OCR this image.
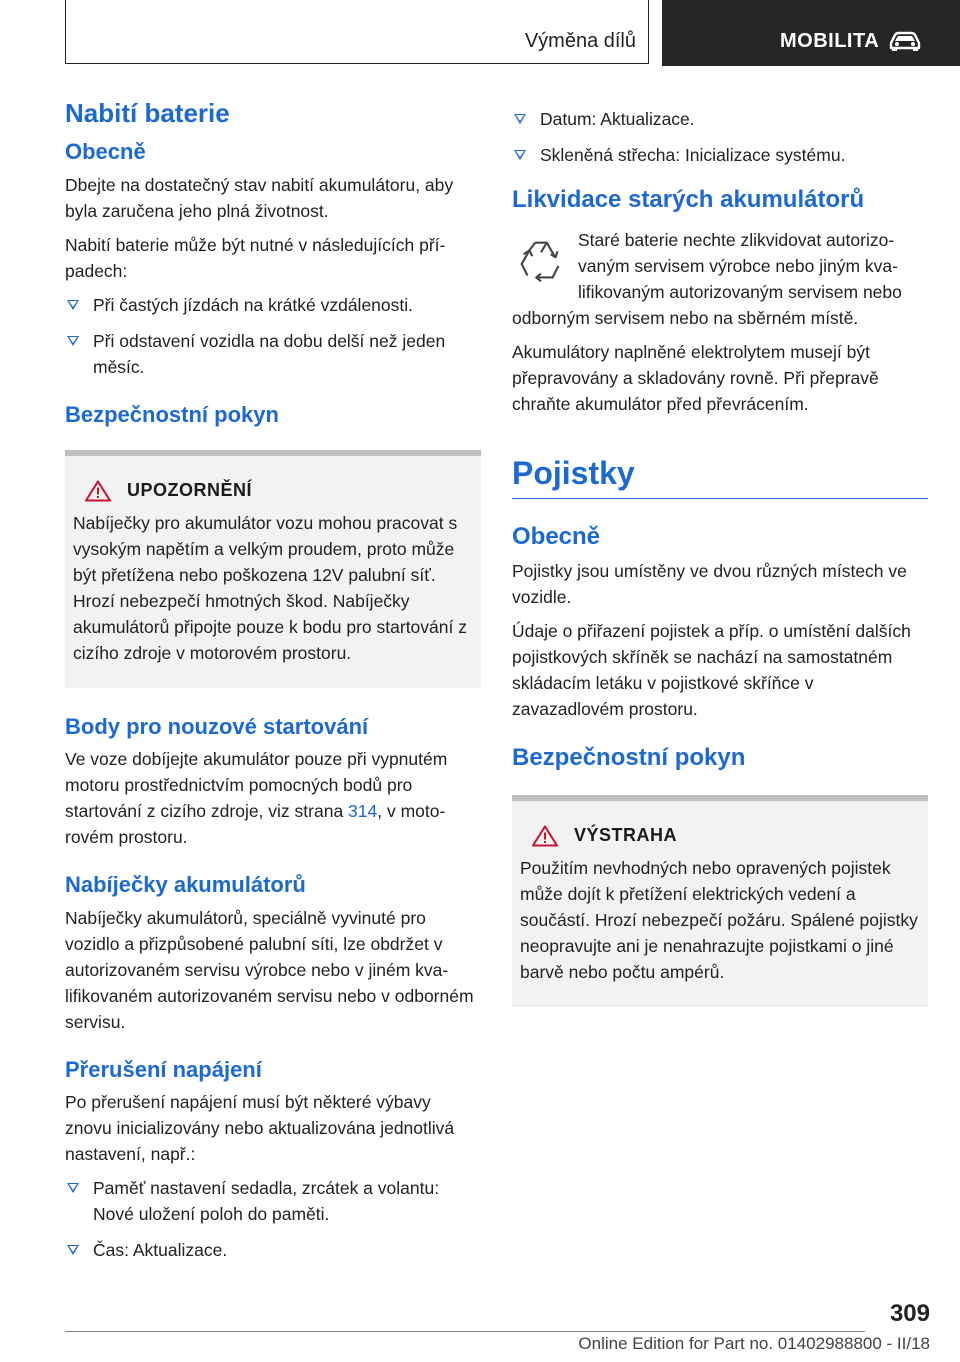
Výměna dílů	MOBILITA
Nabití baterie
Obecně

Dbejte na dostatečný stav nabití akumulátoru, aby byla zaručena jeho plná životnost.

Nabití baterie může být nutné v následujících případech:

Při častých jízdách na krátké vzdálenosti.
Při odstavení vozidla na dobu delší než jeden měsíc.
Bezpečnostní pokyn
UPOZORNĚNÍ

Nabíječky pro akumulátor vozu mohou pracovat s vysokým napětím a velkým proudem, proto může být přetížena nebo poškozena 12V palubní síť. Hrozí nebezpečí hmotných škod. Nabíječky akumulátorů připojte pouze k bodu pro startování z cizího zdroje v motorovém prostoru.

Body pro nouzové startování

Ve voze dobíjejte akumulátor pouze při vypnutém motoru prostřednictvím pomocných bodů pro startování z cizího zdroje, viz strana 314, v motorovém prostoru.

Nabíječky akumulátorů

Nabíječky akumulátorů, speciálně vyvinuté pro vozidlo a přizpůsobené palubní síti, lze obdržet v autorizovaném servisu výrobce nebo v jiném kvalifikovaném autorizovaném servisu nebo v odborném servisu.

Přerušení napájení

Po přerušení napájení musí být některé výbavy znovu inicializovány nebo aktualizována jednotlivá nastavení, např.:

Paměť nastavení sedadla, zrcátek a volantu: Nové uložení poloh do paměti.
Čas: Aktualizace.
Datum: Aktualizace.
Skleněná střecha: Inicializace systému.
Likvidace starých akumulátorů

Staré baterie nechte zlikvidovat autorizovaným servisem výrobce nebo jiným kvalifikovaným autorizovaným servisem nebo odborným servisem nebo na sběrném místě.

Akumulátory naplněné elektrolytem musejí být přepravovány a skladovány rovně. Při přepravě chraňte akumulátor před převrácením.

Pojistky
Obecně

Pojistky jsou umístěny ve dvou různých místech ve vozidle.

Údaje o přiřazení pojistek a příp. o umístění dalších pojistkových skříněk se nachází na samostatném skládacím letáku v pojistkové skříňce v zavazadlovém prostoru.

Bezpečnostní pokyn
VÝSTRAHA

Použitím nevhodných nebo opravených pojistek může dojít k přetížení elektrických vedení a součástí. Hrozí nebezpečí požáru. Spálené pojistky neopravujte ani je nenahrazujte pojistkami o jiné barvě nebo počtu ampérů.

309
Online Edition for Part no. 01402988800 - II/18
